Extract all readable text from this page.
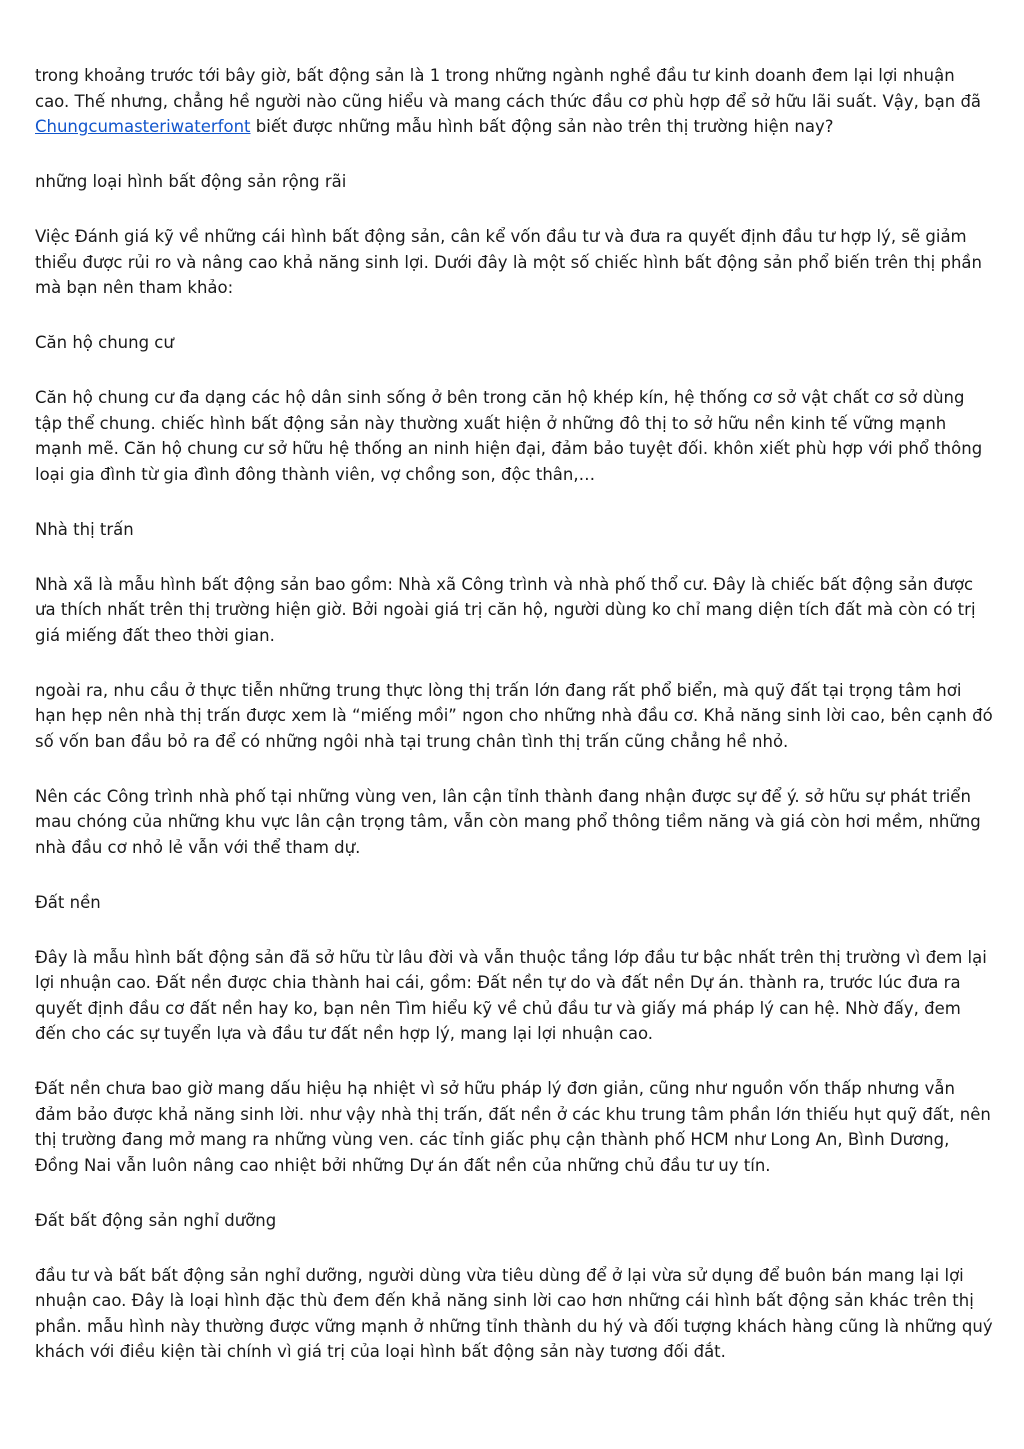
trong khoảng trước tới bây giờ, bất động sản là 1 trong những ngành nghề đầu tư kinh doanh đem lại lợi nhuận cao. Thế nhưng, chẳng hề người nào cũng hiểu và mang cách thức đầu cơ phù hợp để sở hữu lãi suất. Vậy, bạn đã Chungcumasteriwaterfont biết được những mẫu hình bất động sản nào trên thị trường hiện nay?

những loại hình bất động sản rộng rãi

Việc Đánh giá kỹ về những cái hình bất động sản, cân kể vốn đầu tư và đưa ra quyết định đầu tư hợp lý, sẽ giảm thiểu được rủi ro và nâng cao khả năng sinh lợi. Dưới đây là một số chiếc hình bất động sản phổ biến trên thị phần mà bạn nên tham khảo:

Căn hộ chung cư

Căn hộ chung cư đa dạng các hộ dân sinh sống ở bên trong căn hộ khép kín, hệ thống cơ sở vật chất cơ sở dùng tập thể chung. chiếc hình bất động sản này thường xuất hiện ở những đô thị to sở hữu nền kinh tế vững mạnh mạnh mẽ. Căn hộ chung cư sở hữu hệ thống an ninh hiện đại, đảm bảo tuyệt đối. khôn xiết phù hợp với phổ thông loại gia đình từ gia đình đông thành viên, vợ chồng son, độc thân,…

Nhà thị trấn

Nhà xã là mẫu hình bất động sản bao gồm: Nhà xã Công trình và nhà phố thổ cư. Đây là chiếc bất động sản được ưa thích nhất trên thị trường hiện giờ. Bởi ngoài giá trị căn hộ, người dùng ko chỉ mang diện tích đất mà còn có trị giá miếng đất theo thời gian.

ngoài ra, nhu cầu ở thực tiễn những trung thực lòng thị trấn lớn đang rất phổ biển, mà quỹ đất tại trọng tâm hơi hạn hẹp nên nhà thị trấn được xem là “miếng mồi” ngon cho những nhà đầu cơ. Khả năng sinh lời cao, bên cạnh đó số vốn ban đầu bỏ ra để có những ngôi nhà tại trung chân tình thị trấn cũng chẳng hề nhỏ.

Nên các Công trình nhà phố tại những vùng ven, lân cận tỉnh thành đang nhận được sự để ý. sở hữu sự phát triển mau chóng của những khu vực lân cận trọng tâm, vẫn còn mang phổ thông tiềm năng và giá còn hơi mềm, những nhà đầu cơ nhỏ lẻ vẫn với thể tham dự.

Đất nền

Đây là mẫu hình bất động sản đã sở hữu từ lâu đời và vẫn thuộc tầng lớp đầu tư bậc nhất trên thị trường vì đem lại lợi nhuận cao. Đất nền được chia thành hai cái, gồm: Đất nền tự do và đất nền Dự án. thành ra, trước lúc đưa ra quyết định đầu cơ đất nền hay ko, bạn nên Tìm hiểu kỹ về chủ đầu tư và giấy má pháp lý can hệ. Nhờ đấy, đem đến cho các sự tuyển lựa và đầu tư đất nền hợp lý, mang lại lợi nhuận cao.

Đất nền chưa bao giờ mang dấu hiệu hạ nhiệt vì sở hữu pháp lý đơn giản, cũng như nguồn vốn thấp nhưng vẫn đảm bảo được khả năng sinh lời. như vậy nhà thị trấn, đất nền ở các khu trung tâm phần lớn thiếu hụt quỹ đất, nên thị trường đang mở mang ra những vùng ven. các tỉnh giấc phụ cận thành phố HCM như Long An, Bình Dương, Đồng Nai vẫn luôn nâng cao nhiệt bởi những Dự án đất nền của những chủ đầu tư uy tín.

Đất bất động sản nghỉ dưỡng

đầu tư và bất bất động sản nghỉ dưỡng, người dùng vừa tiêu dùng để ở lại vừa sử dụng để buôn bán mang lại lợi nhuận cao. Đây là loại hình đặc thù đem đến khả năng sinh lời cao hơn những cái hình bất động sản khác trên thị phần. mẫu hình này thường được vững mạnh ở những tỉnh thành du hý và đối tượng khách hàng cũng là những quý khách với điều kiện tài chính vì giá trị của loại hình bất động sản này tương đối đắt.
